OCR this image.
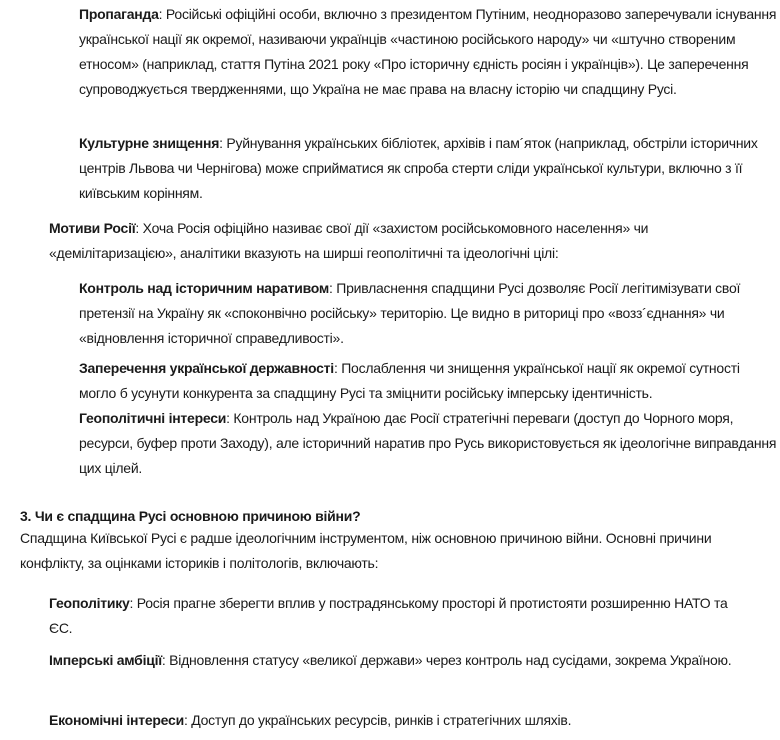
Пропаганда: Російські офіційні особи, включно з президентом Путіним, неодноразово заперечували існування української нації як окремої, називаючи українців «частиною російського народу» чи «штучно створеним етносом» (наприклад, стаття Путіна 2021 року «Про історичну єдність росіян і українців»). Це заперечення супроводжується твердженнями, що Україна не має права на власну історію чи спадщину Русі.

Культурне знищення: Руйнування українських бібліотек, архівів і пам´яток (наприклад, обстріли історичних центрів Львова чи Чернігова) може сприйматися як спроба стерти сліди української культури, включно з її київським корінням.

Мотиви Росії: Хоча Росія офіційно називає свої дії «захистом російськомовного населення» чи «демілітаризацією», аналітики вказують на ширші геополітичні та ідеологічні цілі:

Контроль над історичним наративом: Привласнення спадщини Русі дозволяє Росії легітимізувати свої претензії на Україну як «споконвічно російську» територію. Це видно в риториці про «возз´єднання» чи «відновлення історичної справедливості».

Заперечення української державності: Послаблення чи знищення української нації як окремої сутності могло б усунути конкурента за спадщину Русі та зміцнити російську імперську ідентичність.

Геополітичні інтереси: Контроль над Україною дає Росії стратегічні переваги (доступ до Чорного моря, ресурси, буфер проти Заходу), але історичний наратив про Русь використовується як ідеологічне виправдання цих цілей.

3. Чи є спадщина Русі основною причиною війни?

Спадщина Київської Русі є радше ідеологічним інструментом, ніж основною причиною війни. Основні причини конфлікту, за оцінками істориків і політологів, включають:

Геополітику: Росія прагне зберегти вплив у пострадянському просторі й протистояти розширенню НАТО та ЄС.

Імперські амбіції: Відновлення статусу «великої держави» через контроль над сусідами, зокрема Україною.

Економічні інтереси: Доступ до українських ресурсів, ринків і стратегічних шляхів.
